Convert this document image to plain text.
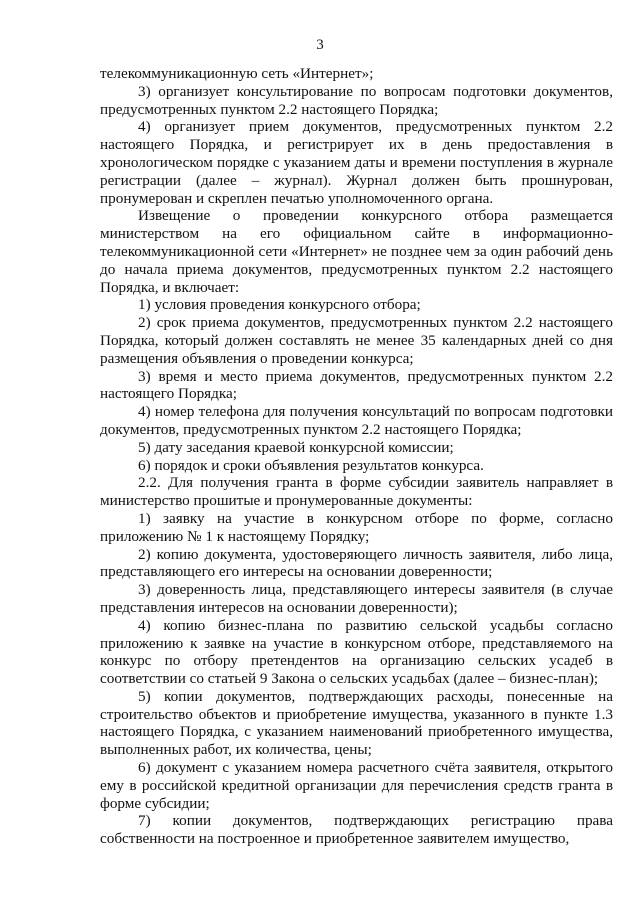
3

телекоммуникационную сеть «Интернет»;

3) организует консультирование по вопросам подготовки документов, предусмотренных пунктом 2.2 настоящего Порядка;

4) организует прием документов, предусмотренных пунктом 2.2 настоящего Порядка, и регистрирует их в день предоставления в хронологическом порядке с указанием даты и времени поступления в журнале регистрации (далее – журнал). Журнал должен быть прошнурован, пронумерован и скреплен печатью уполномоченного органа.

Извещение о проведении конкурсного отбора размещается министерством на его официальном сайте в информационно-телекоммуникационной сети «Интернет» не позднее чем за один рабочий день до начала приема документов, предусмотренных пунктом 2.2 настоящего Порядка, и включает:

1) условия проведения конкурсного отбора;

2) срок приема документов, предусмотренных пунктом 2.2 настоящего Порядка, который должен составлять не менее 35 календарных дней со дня размещения объявления о проведении конкурса;

3) время и место приема документов, предусмотренных пунктом 2.2 настоящего Порядка;

4) номер телефона для получения консультаций по вопросам подготовки документов, предусмотренных пунктом 2.2 настоящего Порядка;

5) дату заседания краевой конкурсной комиссии;

6) порядок и сроки объявления результатов конкурса.

2.2. Для получения гранта в форме субсидии заявитель направляет в министерство прошитые и пронумерованные документы:

1) заявку на участие в конкурсном отборе по форме, согласно приложению № 1 к настоящему Порядку;

2) копию документа, удостоверяющего личность заявителя, либо лица, представляющего его интересы на основании доверенности;

3) доверенность лица, представляющего интересы заявителя (в случае представления интересов на основании доверенности);

4) копию бизнес-плана по развитию сельской усадьбы согласно приложению к заявке на участие в конкурсном отборе, представляемого на конкурс по отбору претендентов на организацию сельских усадеб в соответствии со статьей 9 Закона о сельских усадьбах (далее – бизнес-план);

5) копии документов, подтверждающих расходы, понесенные на строительство объектов и приобретение имущества, указанного в пункте 1.3 настоящего Порядка, с указанием наименований приобретенного имущества, выполненных работ, их количества, цены;

6) документ с указанием номера расчетного счёта заявителя, открытого ему в российской кредитной организации для перечисления средств гранта в форме субсидии;

7) копии документов, подтверждающих регистрацию права собственности на построенное и приобретенное заявителем имущество,
